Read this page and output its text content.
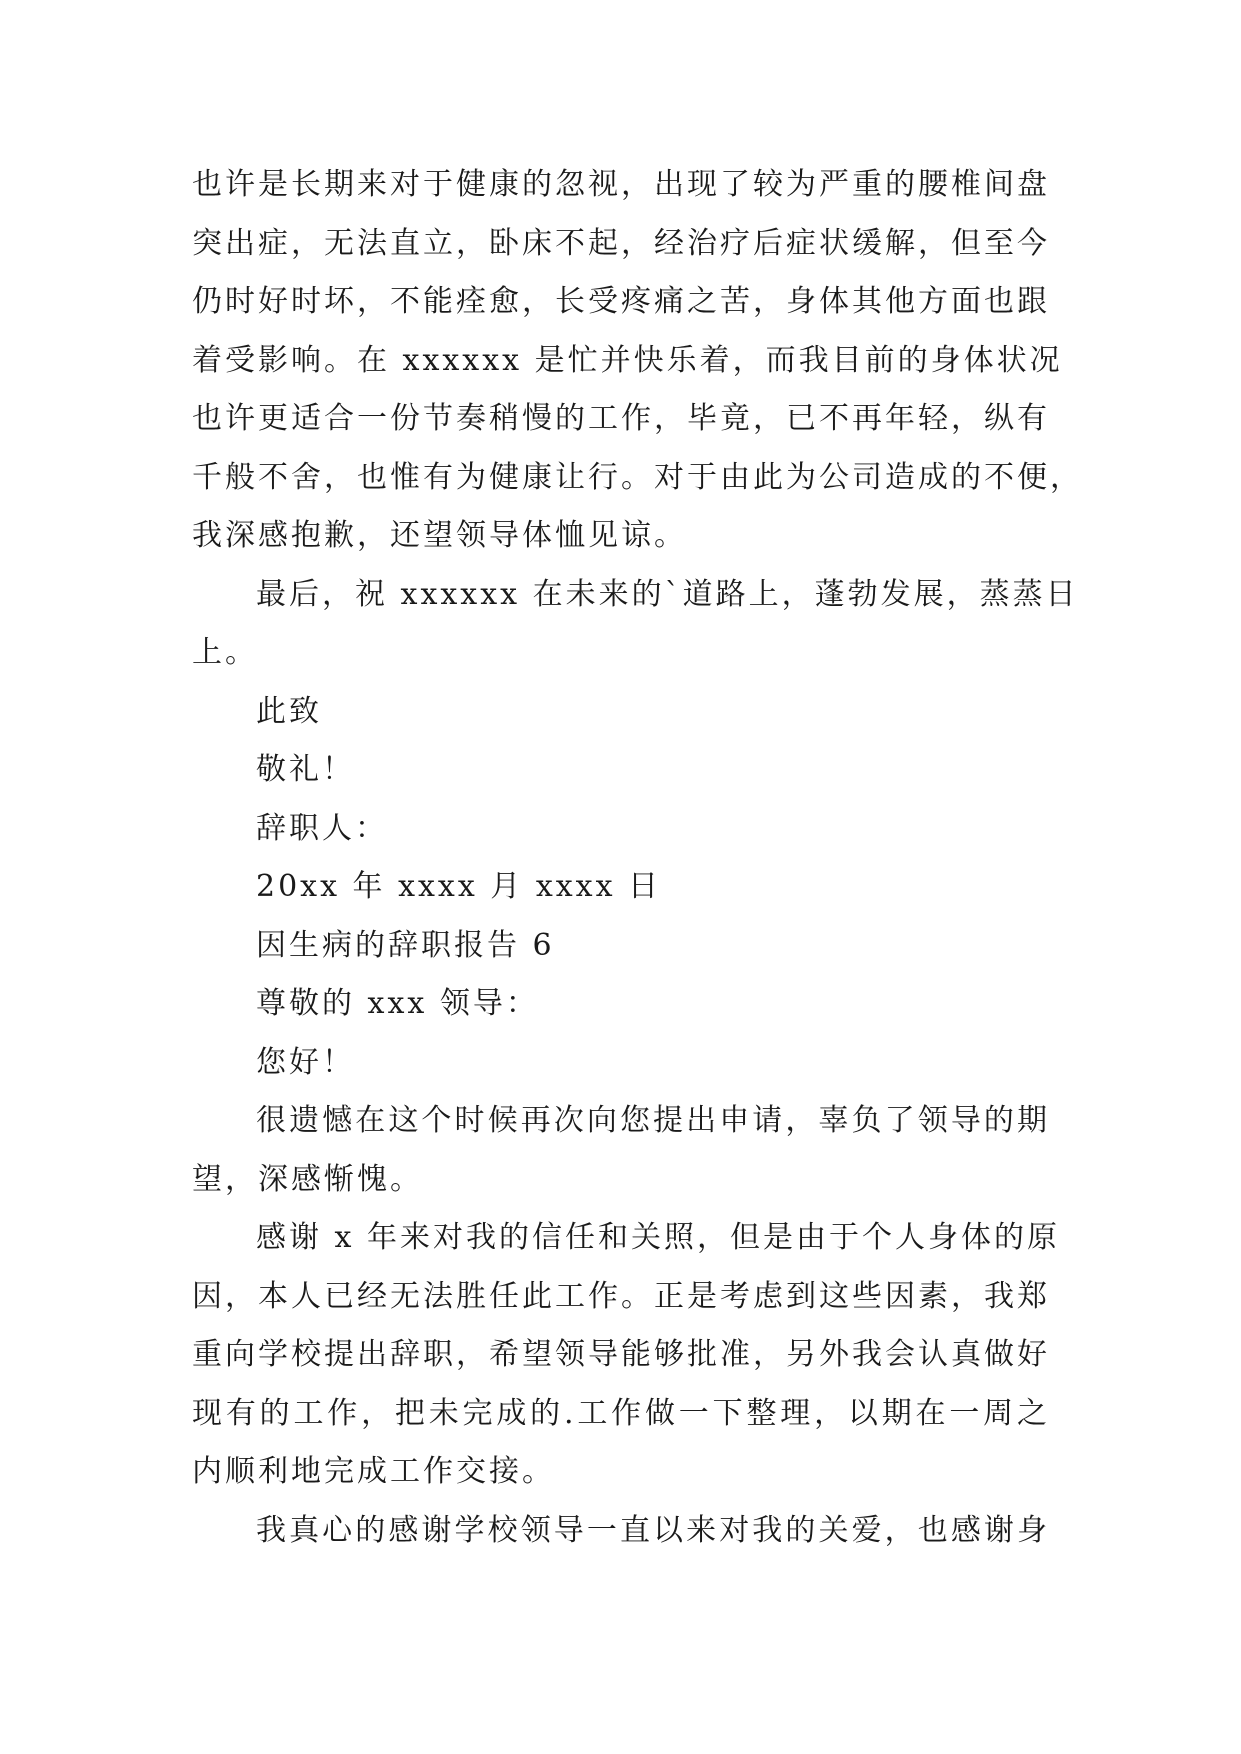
也许是长期来对于健康的忽视，出现了较为严重的腰椎间盘
突出症，无法直立，卧床不起，经治疗后症状缓解，但至今
仍时好时坏，不能痊愈，长受疼痛之苦，身体其他方面也跟
着受影响。在 xxxxxx 是忙并快乐着，而我目前的身体状况
也许更适合一份节奏稍慢的工作，毕竟，已不再年轻，纵有
千般不舍，也惟有为健康让行。对于由此为公司造成的不便，
我深感抱歉，还望领导体恤见谅。
最后，祝 xxxxxx 在未来的`道路上，蓬勃发展，蒸蒸日
上。
此致
敬礼！
辞职人：
20xx 年 xxxx 月 xxxx 日
因生病的辞职报告 6
尊敬的 xxx 领导：
您好！
很遗憾在这个时候再次向您提出申请，辜负了领导的期
望，深感惭愧。
感谢 x 年来对我的信任和关照，但是由于个人身体的原
因，本人已经无法胜任此工作。正是考虑到这些因素，我郑
重向学校提出辞职，希望领导能够批准，另外我会认真做好
现有的工作，把未完成的.工作做一下整理，以期在一周之
内顺利地完成工作交接。
我真心的感谢学校领导一直以来对我的关爱，也感谢身
